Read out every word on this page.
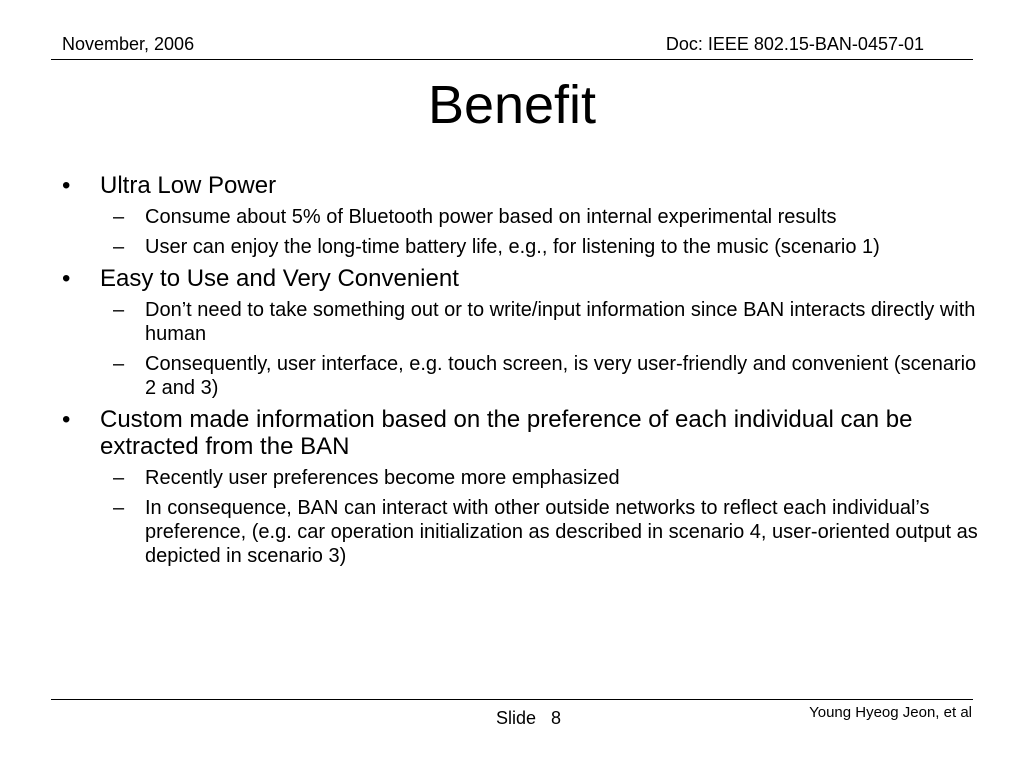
November, 2006	Doc: IEEE 802.15-BAN-0457-01
Benefit
• Ultra Low Power
– Consume about 5% of Bluetooth power based on internal experimental results
– User can enjoy the long-time battery life, e.g., for listening to the music (scenario 1)
• Easy to Use and Very Convenient
– Don’t need to take something out or to write/input information since BAN interacts directly with human
– Consequently, user interface, e.g. touch screen, is very user-friendly and convenient (scenario 2 and 3)
• Custom made information based on the preference of each individual can be extracted from the BAN
– Recently user preferences become more emphasized
– In consequence, BAN can interact with other outside networks to reflect each individual’s preference, (e.g. car operation initialization as described in scenario 4, user-oriented output as depicted in scenario 3)
Slide   8	Young Hyeog Jeon, et al
